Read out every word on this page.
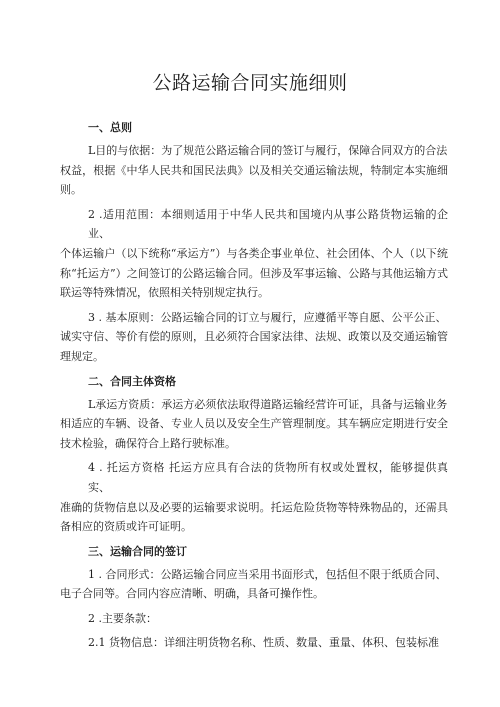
公路运输合同实施细则
一、总则
L目的与依据：为了规范公路运输合同的签订与履行，保障合同双方的合法
权益，根据《中华人民共和国民法典》以及相关交通运输法规，特制定本实施细则。
2 .适用范围：本细则适用于中华人民共和国境内从事公路货物运输的企业、
个体运输户（以下统称“承运方”）与各类企事业单位、社会团体、个人（以下统称“托运方”）之间签订的公路运输合同。但涉及军事运输、公路与其他运输方式联运等特殊情况，依照相关特别规定执行。
3 . 基本原则：公路运输合同的订立与履行，应遵循平等自愿、公平公正、
诚实守信、等价有偿的原则，且必须符合国家法律、法规、政策以及交通运输管理规定。
二、合同主体资格
L承运方资质：承运方必须依法取得道路运输经营许可证，具备与运输业务
相适应的车辆、设备、专业人员以及安全生产管理制度。其车辆应定期进行安全技术检验，确保符合上路行驶标准。
4 . 托运方资格 托运方应具有合法的货物所有权或处置权，能够提供真实、
准确的货物信息以及必要的运输要求说明。托运危险货物等特殊物品的，还需具备相应的资质或许可证明。
三、运输合同的签订
1 . 合同形式：公路运输合同应当采用书面形式，包括但不限于纸质合同、
电子合同等。合同内容应清晰、明确，具备可操作性。
2 .主要条款：
2.1 货物信息：详细注明货物名称、性质、数量、重量、体积、包装标准
